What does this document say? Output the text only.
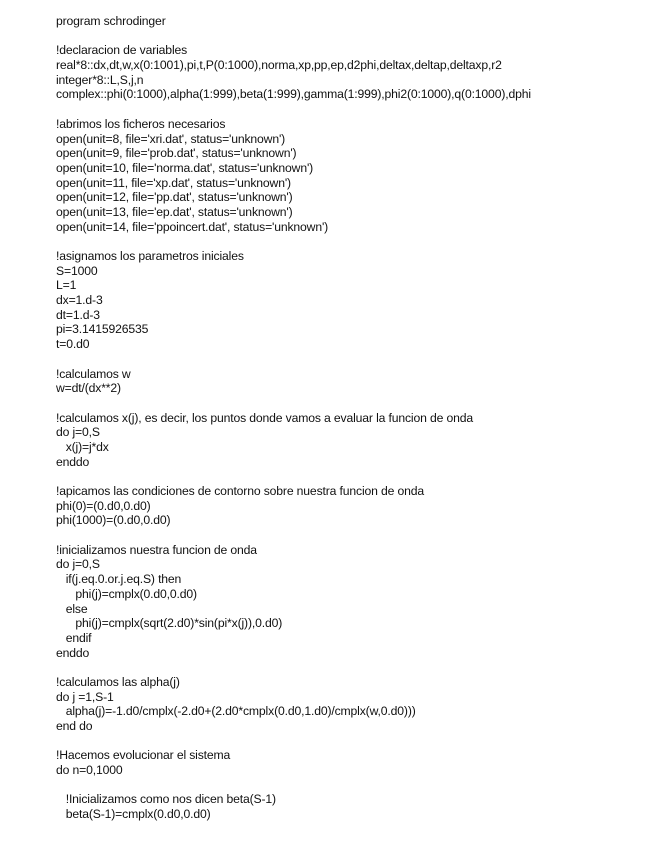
program schrodinger
!declaracion de variables
real*8::dx,dt,w,x(0:1001),pi,t,P(0:1000),norma,xp,pp,ep,d2phi,deltax,deltap,deltaxp,r2
integer*8::L,S,j,n
complex::phi(0:1000),alpha(1:999),beta(1:999),gamma(1:999),phi2(0:1000),q(0:1000),dphi
!abrimos los ficheros necesarios
open(unit=8, file='xri.dat', status='unknown')
open(unit=9, file='prob.dat', status='unknown')
open(unit=10, file='norma.dat', status='unknown')
open(unit=11, file='xp.dat', status='unknown')
open(unit=12, file='pp.dat', status='unknown')
open(unit=13, file='ep.dat', status='unknown')
open(unit=14, file='ppoincert.dat', status='unknown')
!asignamos los parametros iniciales
S=1000
L=1
dx=1.d-3
dt=1.d-3
pi=3.1415926535
t=0.d0
!calculamos w
w=dt/(dx**2)
!calculamos x(j), es decir, los puntos donde vamos a evaluar la funcion de onda
do j=0,S
x(j)=j*dx
enddo
!apicamos las condiciones de contorno sobre nuestra funcion de onda
phi(0)=(0.d0,0.d0)
phi(1000)=(0.d0,0.d0)
!inicializamos nuestra funcion de onda
do j=0,S
if(j.eq.0.or.j.eq.S) then
phi(j)=cmplx(0.d0,0.d0)
else
phi(j)=cmplx(sqrt(2.d0)*sin(pi*x(j)),0.d0)
endif
enddo
!calculamos las alpha(j)
do j =1,S-1
alpha(j)=-1.d0/cmplx(-2.d0+(2.d0*cmplx(0.d0,1.d0)/cmplx(w,0.d0)))
end do
!Hacemos evolucionar el sistema
do n=0,1000
!Inicializamos como nos dicen beta(S-1)
beta(S-1)=cmplx(0.d0,0.d0)
